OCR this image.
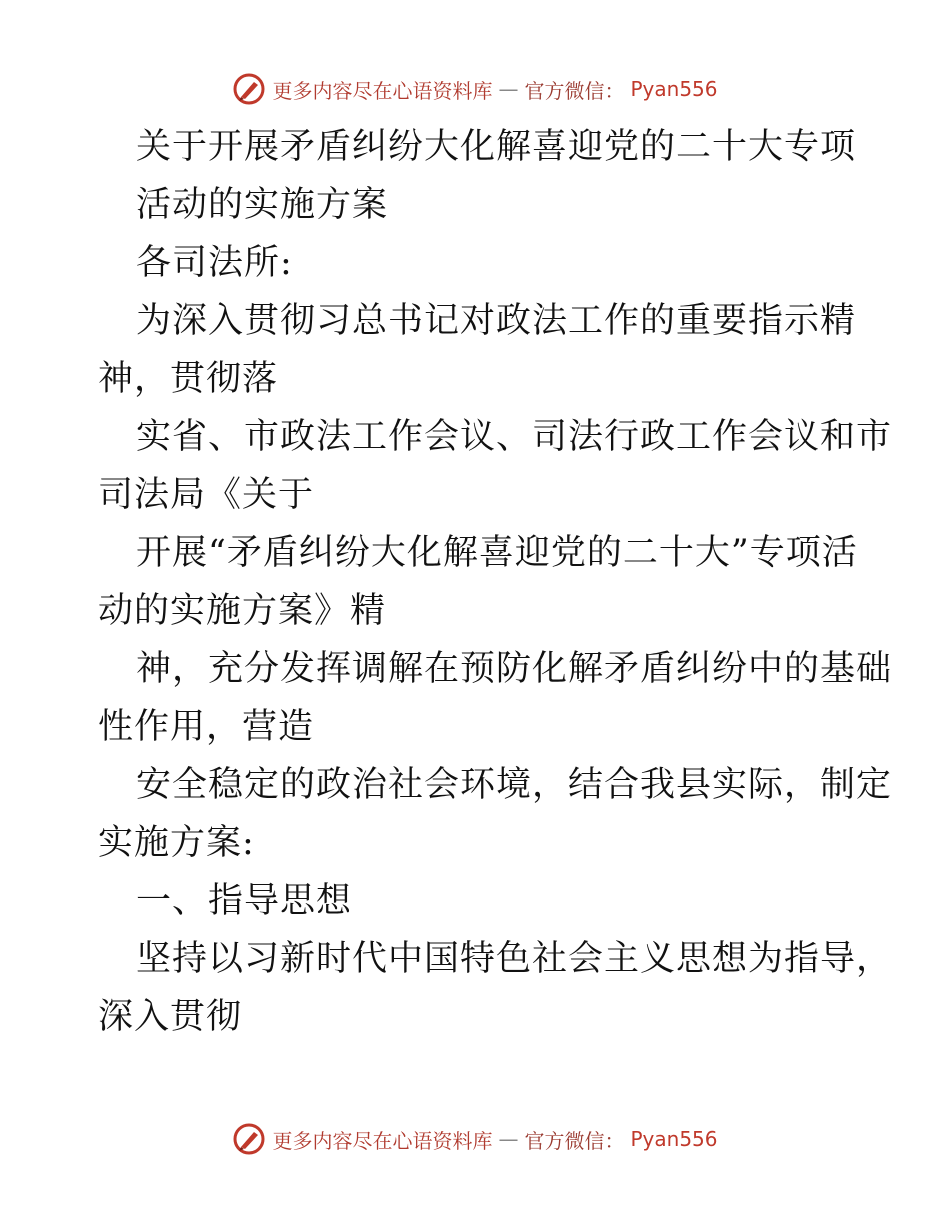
更多内容尽在心语资料库 — 官方微信： Pyan556
关于开展矛盾纠纷大化解喜迎党的二十大专项
活动的实施方案
各司法所:
为深入贯彻习总书记对政法工作的重要指示精
神，贯彻落
实省、市政法工作会议、司法行政工作会议和市
司法局《关于
开展“矛盾纠纷大化解喜迎党的二十大”专项活
动的实施方案》精
神，充分发挥调解在预防化解矛盾纠纷中的基础
性作用，营造
安全稳定的政治社会环境，结合我县实际，制定
实施方案:
一、指导思想
坚持以习新时代中国特色社会主义思想为指导，
深入贯彻
更多内容尽在心语资料库 — 官方微信： Pyan556
